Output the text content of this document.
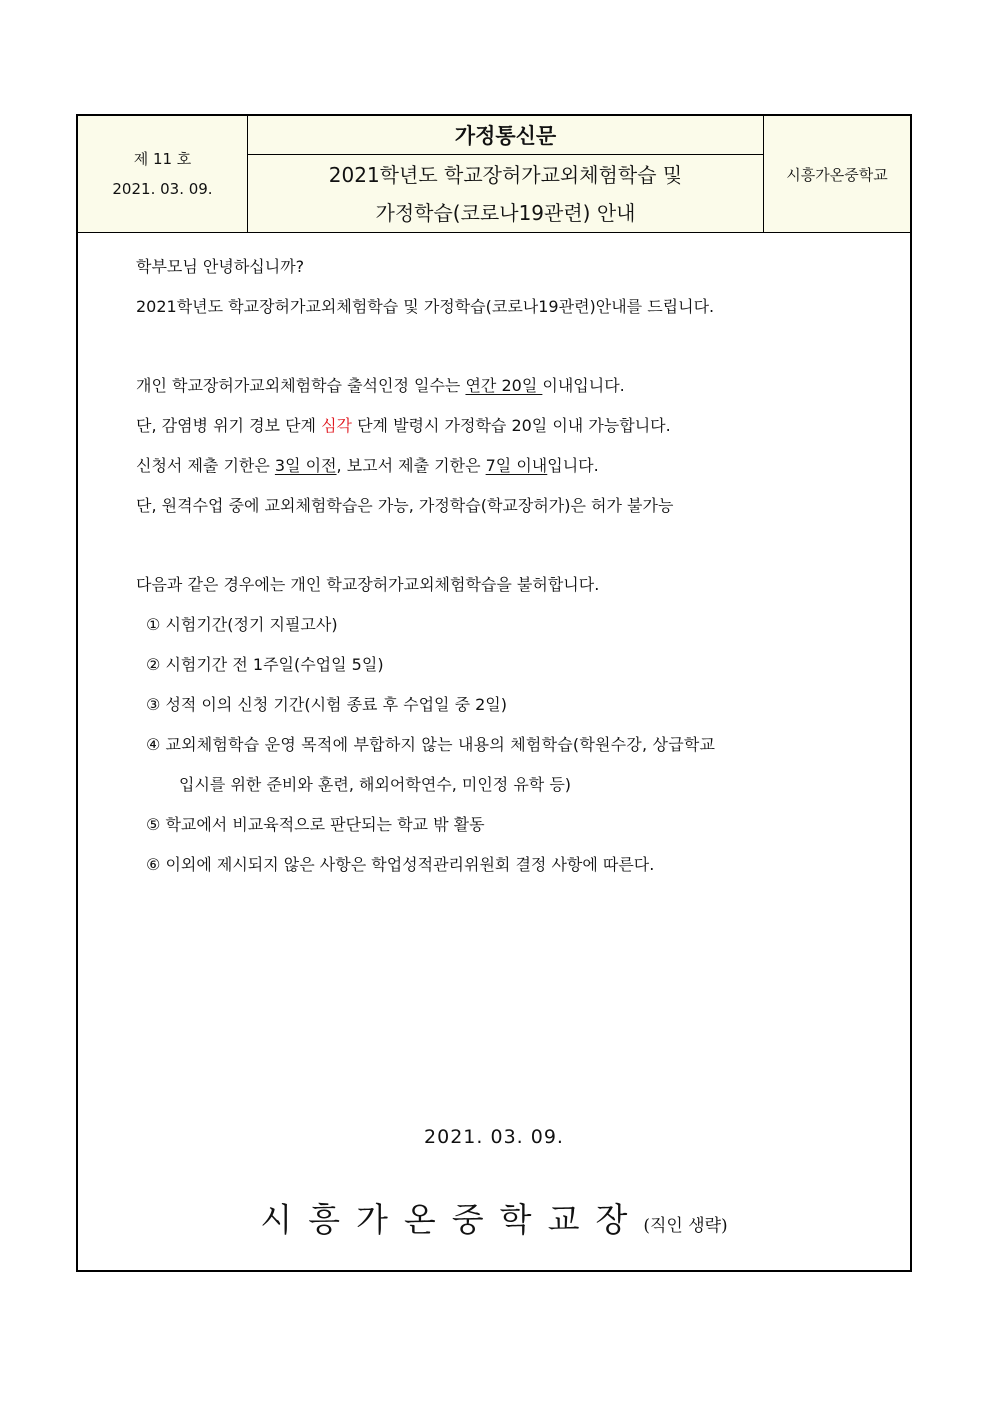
제 11 호
2021. 03. 09.
가정통신문
2021학년도 학교장허가교외체험학습 및
가정학습(코로나19관련) 안내
시흥가온중학교
학부모님 안녕하십니까?
2021학년도 학교장허가교외체험학습 및 가정학습(코로나19관련)안내를 드립니다.
개인 학교장허가교외체험학습 출석인정 일수는 연간 20일 이내입니다.
단, 감염병 위기 경보 단계 심각 단계 발령시 가정학습 20일 이내 가능합니다.
신청서 제출 기한은 3일 이전, 보고서 제출 기한은 7일 이내입니다.
단, 원격수업 중에 교외체험학습은 가능, 가정학습(학교장허가)은 허가 불가능
다음과 같은 경우에는 개인 학교장허가교외체험학습을 불허합니다.
① 시험기간(정기 지필고사)
② 시험기간 전 1주일(수업일 5일)
③ 성적 이의 신청 기간(시험 종료 후 수업일 중 2일)
④ 교외체험학습 운영 목적에 부합하지 않는 내용의 체험학습(학원수강, 상급학교
입시를 위한 준비와 훈련, 해외어학연수, 미인정 유학 등)
⑤ 학교에서 비교육적으로 판단되는 학교 밖 활동
⑥ 이외에 제시되지 않은 사항은 학업성적관리위원회 결정 사항에 따른다.
2021. 03. 09.
시흥가온중학교장(직인 생략)
